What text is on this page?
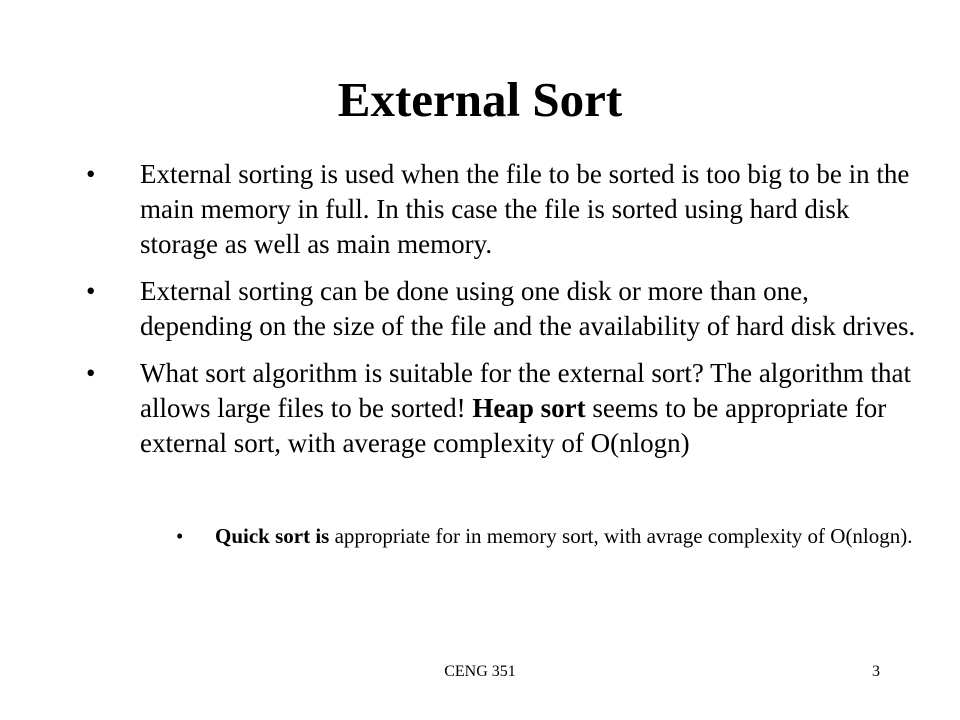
External Sort
•	External sorting is used when the file to be sorted is too big to be in the main memory in full. In this case the file is sorted using hard disk storage as well as main memory.
•	External sorting can be done using one disk or more than one, depending on the size of the file and the availability of hard disk drives.
•	What sort algorithm is suitable for the external sort? The algorithm that allows large files to be sorted! Heap sort seems to be appropriate for external sort, with average complexity of O(nlogn)
•	Quick sort is appropriate for in memory sort, with avrage complexity of O(nlogn).
CENG 351	3
